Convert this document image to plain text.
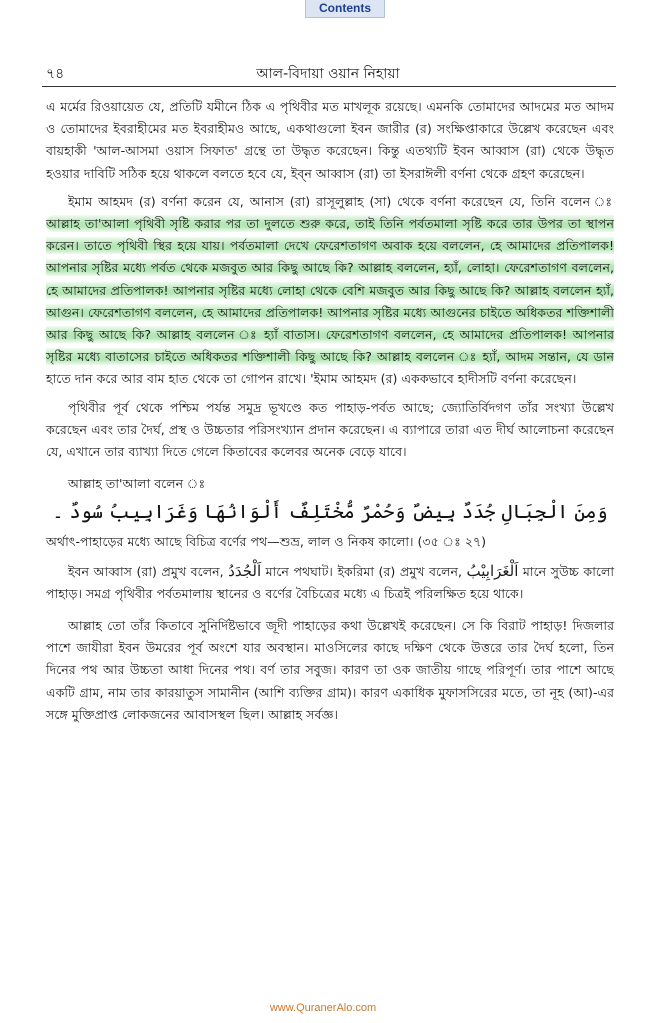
Contents
৭৪	আল-বিদায়া ওয়ান নিহায়া

এ মর্মের রিওয়ায়েত যে, প্রতিটি যমীনে ঠিক এ পৃথিবীর মত মাখলূক রয়েছে। এমনকি তোমাদের আদমের মত আদম ও তোমাদের ইবরাহীমের মত ইবরাহীমও আছে, একথাগুলো ইবন জারীর (র) সংক্ষিপ্তাকারে উল্লেখ করেছেন এবং বায়হাকী 'আল-আসমা ওয়াস সিফাত' গ্রন্থে তা উদ্ধৃত করেছেন। কিন্তু এতথ্যটি ইবন আব্বাস (রা) থেকে উদ্ধৃত হওয়ার দাবিটি সঠিক হয়ে থাকলে বলতে হবে যে, ইব্ন আব্বাস (রা) তা ইসরাঈলী বর্ণনা থেকে গ্রহণ করেছেন।

ইমাম আহমদ (র) বর্ণনা করেন যে, আনাস (রা) রাসূলুল্লাহ (সা) থেকে বর্ণনা করেছেন যে, তিনি বলেন ঃ আল্লাহ তা'আলা পৃথিবী সৃষ্টি করার পর তা দুলতে শুরু করে, তাই তিনি পর্বতমালা সৃষ্টি করে তার উপর তা স্থাপন করেন। তাতে পৃথিবী স্থির হয়ে যায়। পর্বতমালা দেখে ফেরেশতাগণ অবাক হয়ে বললেন, হে আমাদের প্রতিপালক! আপনার সৃষ্টির মধ্যে পর্বত থেকে মজবুত আর কিছু আছে কি? আল্লাহ বললেন, হ্যাঁ, লোহা। ফেরেশতাগণ বললেন, হে আমাদের প্রতিপালক! আপনার সৃষ্টির মধ্যে লোহা থেকে বেশি মজবুত আর কিছু আছে কি? আল্লাহ বললেন হ্যাঁ, আগুন। ফেরেশতাগণ বললেন, হে আমাদের প্রতিপালক! আপনার সৃষ্টির মধ্যে আগুনের চাইতে অধিকতর শক্তিশালী আর কিছু আছে কি? আল্লাহ বললেন ঃ হ্যাঁ বাতাস। ফেরেশতাগণ বললেন, হে আমাদের প্রতিপালক! আপনার সৃষ্টির মধ্যে বাতাসের চাইতে অধিকতর শক্তিশালী কিছু আছে কি? আল্লাহ বললেন ঃ হ্যাঁ, আদম সন্তান, যে ডান হাতে দান করে আর বাম হাত থেকে তা গোপন রাখে। 'ইমাম আহমদ (র) এককভাবে হাদীসটি বর্ণনা করেছেন।

পৃথিবীর পূর্ব থেকে পশ্চিম পর্যন্ত সমুদ্র ভূখণ্ডে কত পাহাড়-পর্বত আছে; জ্যোতির্বিদগণ তাঁর সংখ্যা উল্লেখ করেছেন এবং তার দৈর্ঘ, প্রস্থ ও উচ্চতার পরিসংখ্যান প্রদান করেছেন। এ ব্যাপারে তারা এত দীর্ঘ আলোচনা করেছেন যে, এখানে তার ব্যাখ্যা দিতে গেলে কিতাবের কলেবর অনেক বেড়ে যাবে।

আল্লাহ তা'আলা বলেন ঃ

وَمِنَ الْجِبَالِ جُدَدٌ بِيضٌ وَحُمْرٌ مُّخْتَلِفٌ أَلْوَانُهَا وَغَرَابِيبُ سُودٌ ۔

অর্থাৎ-পাহাড়ের মধ্যে আছে বিচিত্র বর্ণের পথ—শুভ্র, লাল ও নিকষ কালো। (৩৫ ঃ ২৭)

ইবন আব্বাস (রা) প্রমুখ বলেন, اَلْجُدَدُ মানে পথঘাট। ইকরিমা (র) প্রমুখ বলেন, اَلْغَرَابِيْبُ মানে সুউচ্চ কালো পাহাড়। সমগ্র পৃথিবীর পর্বতমালায় স্থানের ও বর্ণের বৈচিত্রের মধ্যে এ চিত্রই পরিলক্ষিত হয়ে থাকে।

আল্লাহ তো তাঁর কিতাবে সুনির্দিষ্টভাবে জূদী পাহাড়ের কথা উল্লেখই করেছেন। সে কি বিরাট পাহাড়! দিজলার পাশে জাযীরা ইবন উমরের পূর্ব অংশে যার অবস্থান। মাওসিলের কাছে দক্ষিণ থেকে উত্তরে তার দৈর্ঘ হলো, তিন দিনের পথ আর উচ্চতা আধা দিনের পথ। বর্ণ তার সবুজ। কারণ তা ওক জাতীয় গাছে পরিপূর্ণ। তার পাশে আছে একটি গ্রাম, নাম তার কারয়াতুস সামানীন (আশি ব্যক্তির গ্রাম)। কারণ একাধিক মুফাসসিরের মতে, তা নূহ (আ)-এর সঙ্গে মুক্তিপ্রাপ্ত লোকজনের আবাসস্থল ছিল। আল্লাহ সর্বজ্ঞ।

www.QuranerAlo.com
